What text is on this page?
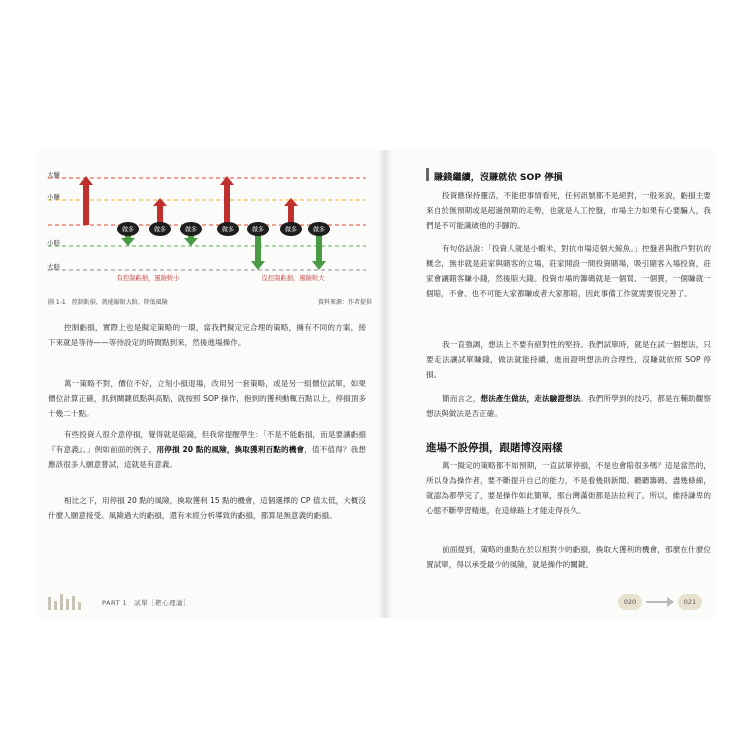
做多	做多	做多	做多	做多	做多	做多
有控制虧損，風險較小	沒控制虧損，風險較大
大賺
小賺
小賠
大賠
圖 1-1　控制虧損，就能縮限大賠，降低風險	資料來源：作者提供

控制虧損，實際上也是擬定策略的一環，當我們擬定完合理的策略，擁有不同的方案，接下來就是等待——等待設定的時間點到來，然後進場操作。

萬一策略不對，價位不好，立刻小損退場，改用另一套策略，或是另一組價位試單，如果價位計算正確，抓到關鍵低點與高點，就按照 SOP 操作，抱到的獲利動輒百點以上，停損頂多十幾二十點。

有些投資人很介意停損，覺得就是賠錢，但我常提醒學生：「不是不能虧損，而是要讓虧損『有意義』。」例如前面的例子，用停損 20 點的風險，換取獲利百點的機會，值不值得？我想應該很多人願意嘗試，這就是有意義。

相比之下，用停損 20 點的風險，換取獲利 15 點的機會，這個選擇的 CP 值太低，大概沒什麼人願意接受。風險過大的虧損，還有未經分析導致的虧損，都算是無意義的虧損。

PART 1　試單［靶心理論］
賺錢繼續，沒賺就依 SOP 停損

投資應保持靈活，不能把事情看死，任何訊號都不是絕對，一般來說，虧損主要來自於無預期或是超過預期的走勢，也就是人工控盤，市場主力如果有心要騙人，我們是不可能識破他的手腳的。

有句俗話說：「投資人就是小蝦米，對抗市場這個大鯨魚。」控盤者與散戶對抗的概念，無非就是莊家與賭客的立場，莊家開設一間投資賭場，吸引賭客入場投資，莊家會讓賭客賺小錢，然後賠大錢。投資市場的籌碼就是一個買、一個賣，一個賺就一個賠，不會、也不可能大家都賺或者大家都賠，因此事備工作就需要很完善了。

我一直強調，想法上不要有絕對性的堅持。我們試單時，就是在試一個想法，只要走法讓試單賺錢，做法就能持續，進而證明想法的合理性，沒賺就依照 SOP 停損。

簡而言之，想法產生做法，走法驗證想法。我們所學到的技巧，都是在輔助觀察想法與做法是否正確。

進場不設停損，跟賭博沒兩樣

萬一擬定的策略都不如預期，一直試單停損，不是也會賠很多嗎？這是當然的，所以身為操作者，要不斷提升自己的能力，不是看幾則新聞、聽聽籌碼、盡幾條線，就認為都學完了，要是操作如此簡單，那台灣滿街都是法拉利了。所以，維持謙卑的心態不斷學習精進，在這條路上才能走得長久。

前面提到，策略的重點在於以相對少的虧損，換取大獲利的機會，那麼在什麼位置試單，得以承受最少的風險，就是操作的關鍵。

020	021
